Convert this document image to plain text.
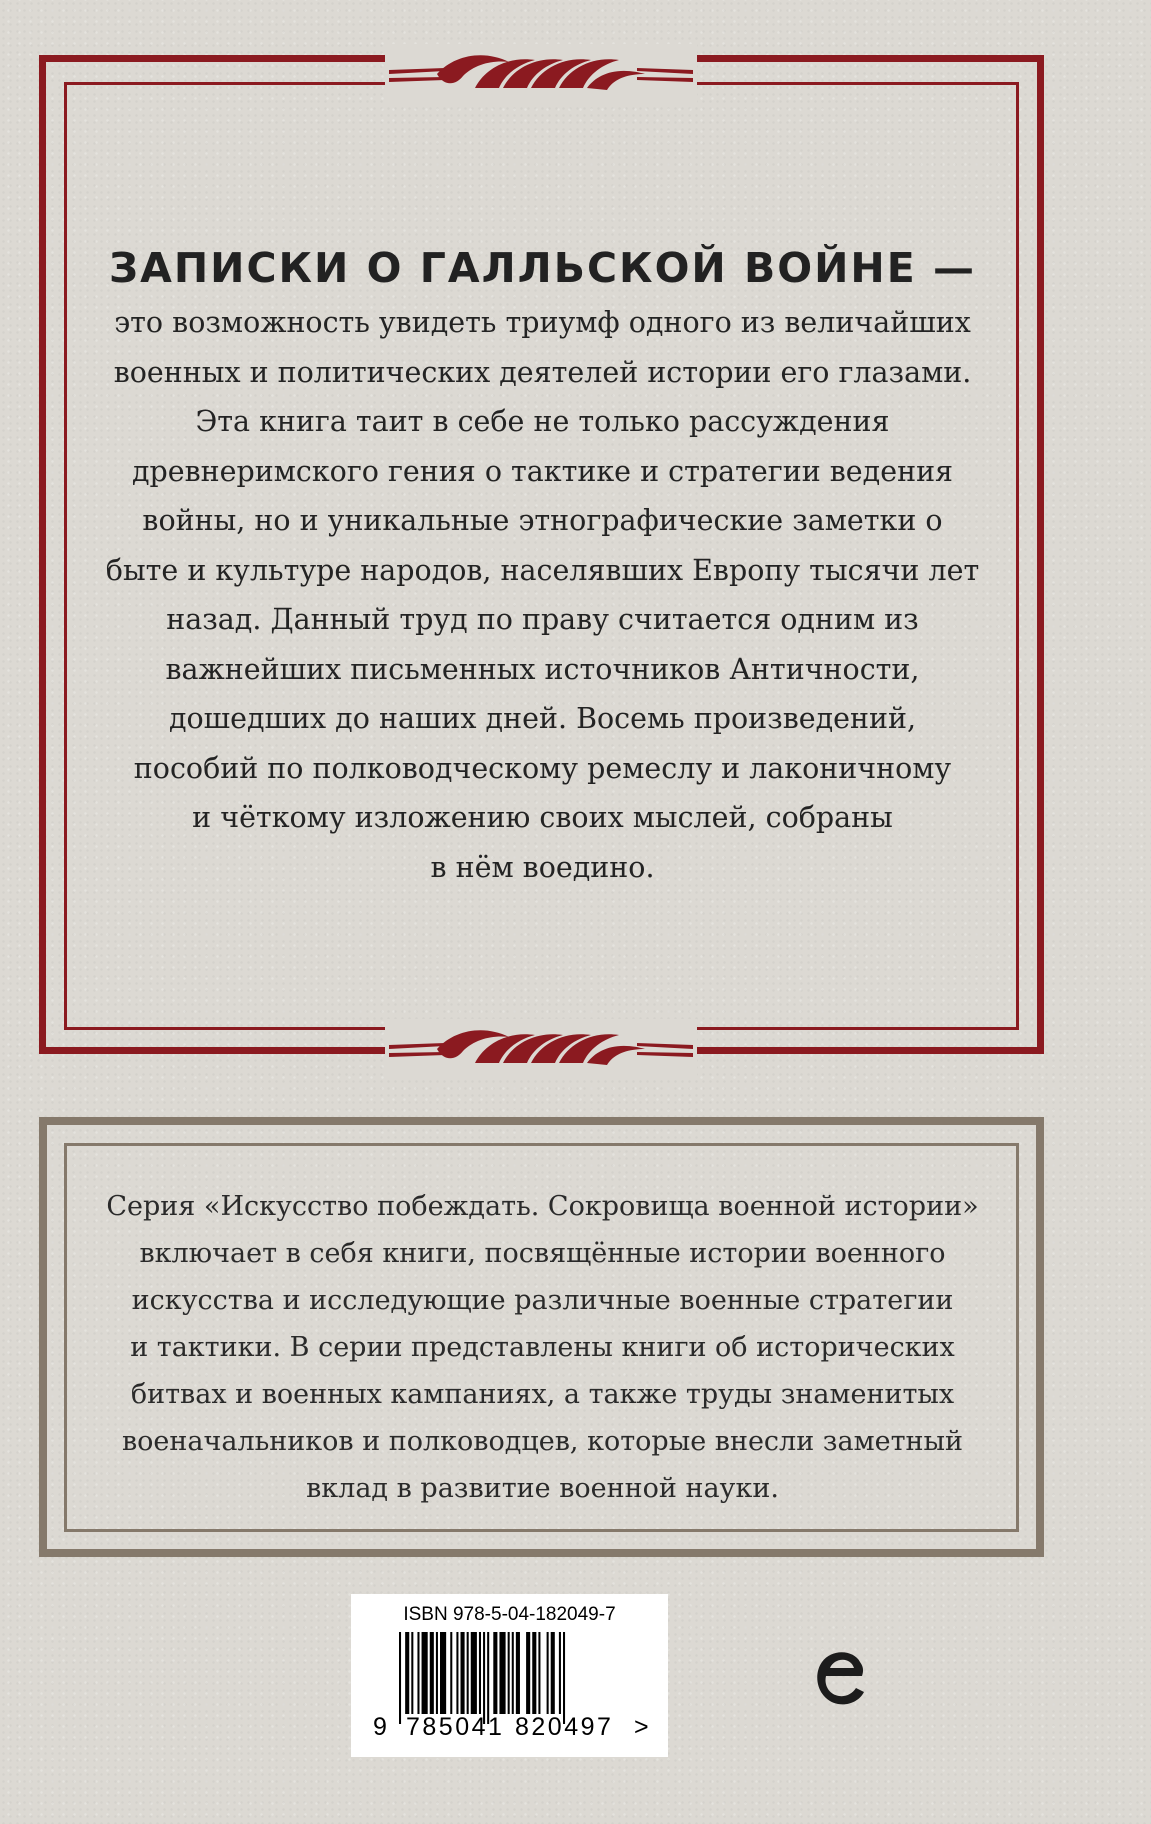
ЗАПИСКИ О ГАЛЛЬСКОЙ ВОЙНЕ —

это возможность увидеть триумф одного из величайших
военных и политических деятелей истории его глазами.
Эта книга таит в себе не только рассуждения
древнеримского гения о тактике и стратегии ведения
войны, но и уникальные этнографические заметки о
быте и культуре народов, населявших Европу тысячи лет
назад. Данный труд по праву считается одним из
важнейших письменных источников Античности,
дошедших до наших дней. Восемь произведений,
пособий по полководческому ремеслу и лаконичному
и чёткому изложению своих мыслей, собраны
в нём воедино.

Серия «Искусство побеждать. Сокровища военной истории»
включает в себя книги, посвящённые истории военного
искусства и исследующие различные военные стратегии
и тактики. В серии представлены книги об исторических
битвах и военных кампаниях, а также труды знаменитых
военачальников и полководцев, которые внесли заметный
вклад в развитие военной науки.
ISBN 978-5-04-182049-7
9 785041 820497 >
